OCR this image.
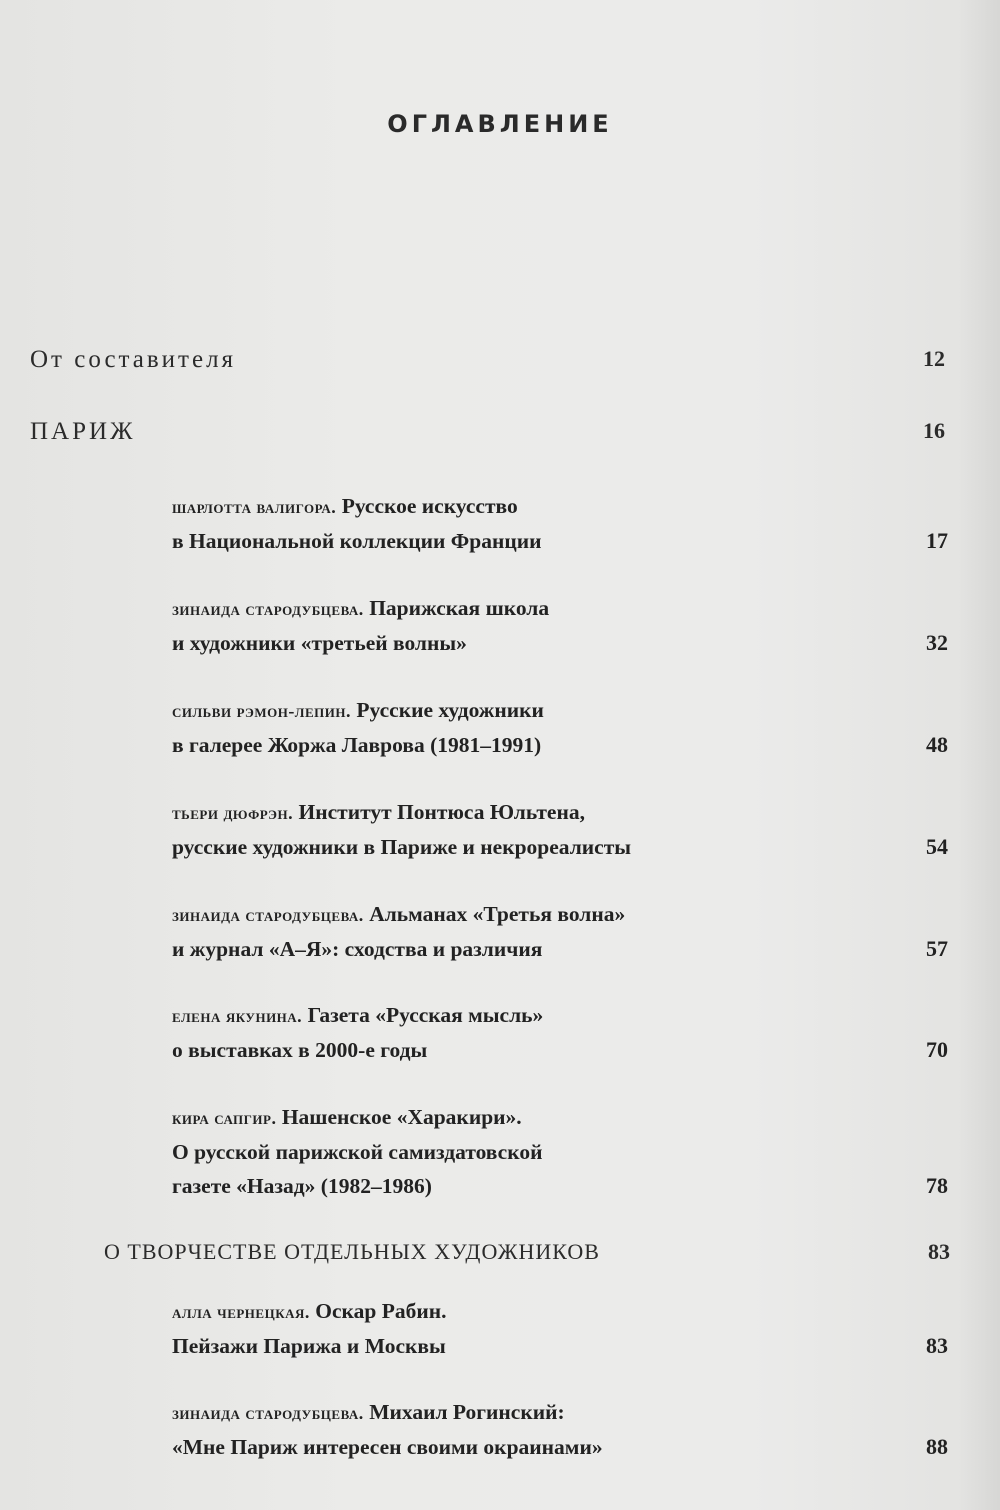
ОГЛАВЛЕНИЕ
От составителя	12
ПАРИЖ	16
шарлотта валигора. Русское искусство
в Национальной коллекции Франции	17
зинаида стародубцева. Парижская школа
и художники «третьей волны»	32
сильви рэмон-лепин. Русские художники
в галерее Жоржа Лаврова (1981–1991)	48
тьери дюфрэн. Институт Понтюса Юльтена,
русские художники в Париже и некрореалисты	54
зинаида стародубцева. Альманах «Третья волна»
и журнал «А–Я»: сходства и различия	57
елена якунина. Газета «Русская мысль»
о выставках в 2000-е годы	70
кира сапгир. Нашенское «Харакири».
О русской парижской самиздатовской
газете «Назад» (1982–1986)	78
О ТВОРЧЕСТВЕ ОТДЕЛЬНЫХ ХУДОЖНИКОВ	83
алла чернецкая. Оскар Рабин.
Пейзажи Парижа и Москвы	83
зинаида стародубцева. Михаил Рогинский:
«Мне Париж интересен своими окраинами»	88
